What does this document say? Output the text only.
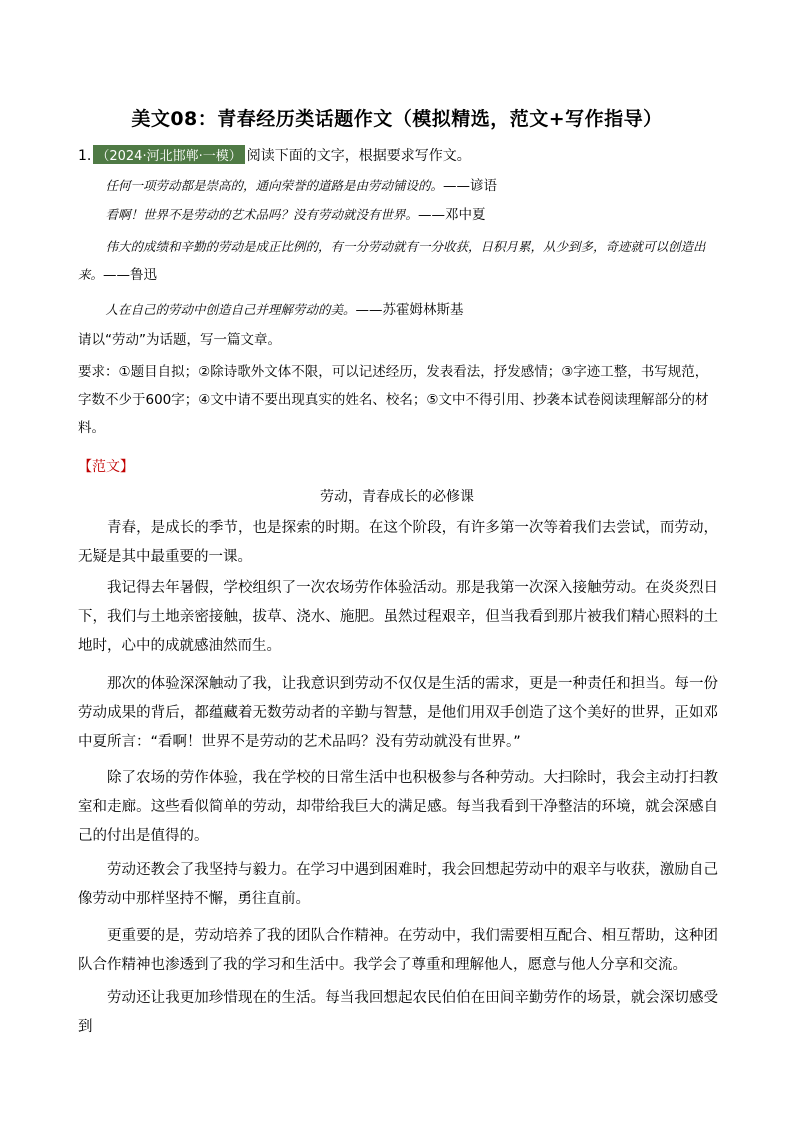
美文08：青春经历类话题作文（模拟精选，范文+写作指导）
1. （2024·河北邯郸·一模） 阅读下面的文字，根据要求写作文。
任何一项劳动都是崇高的，通向荣誉的道路是由劳动铺设的。——谚语
看啊！世界不是劳动的艺术品吗？没有劳动就没有世界。——邓中夏
伟大的成绩和辛勤的劳动是成正比例的，有一分劳动就有一分收获，日积月累，从少到多，奇迹就可以创造出来。——鲁迅
人在自己的劳动中创造自己并理解劳动的美。——苏霍姆林斯基
请以“劳动”为话题，写一篇文章。
要求：①题目自拟；②除诗歌外文体不限，可以记述经历，发表看法，抒发感情；③字迹工整，书写规范，字数不少于600字；④文中请不要出现真实的姓名、校名；⑤文中不得引用、抄袭本试卷阅读理解部分的材料。
【范文】
劳动，青春成长的必修课
青春，是成长的季节，也是探索的时期。在这个阶段，有许多第一次等着我们去尝试，而劳动，无疑是其中最重要的一课。
我记得去年暑假，学校组织了一次农场劳作体验活动。那是我第一次深入接触劳动。在炎炎烈日下，我们与土地亲密接触，拔草、浇水、施肥。虽然过程艰辛，但当我看到那片被我们精心照料的土地时，心中的成就感油然而生。
那次的体验深深触动了我，让我意识到劳动不仅仅是生活的需求，更是一种责任和担当。每一份劳动成果的背后，都蕴藏着无数劳动者的辛勤与智慧，是他们用双手创造了这个美好的世界，正如邓中夏所言：“看啊！世界不是劳动的艺术品吗？没有劳动就没有世界。”
除了农场的劳作体验，我在学校的日常生活中也积极参与各种劳动。大扫除时，我会主动打扫教室和走廊。这些看似简单的劳动，却带给我巨大的满足感。每当我看到干净整洁的环境，就会深感自己的付出是值得的。
劳动还教会了我坚持与毅力。在学习中遇到困难时，我会回想起劳动中的艰辛与收获，激励自己像劳动中那样坚持不懈，勇往直前。
更重要的是，劳动培养了我的团队合作精神。在劳动中，我们需要相互配合、相互帮助，这种团队合作精神也渗透到了我的学习和生活中。我学会了尊重和理解他人，愿意与他人分享和交流。
劳动还让我更加珍惜现在的生活。每当我回想起农民伯伯在田间辛勤劳作的场景，就会深切感受到
